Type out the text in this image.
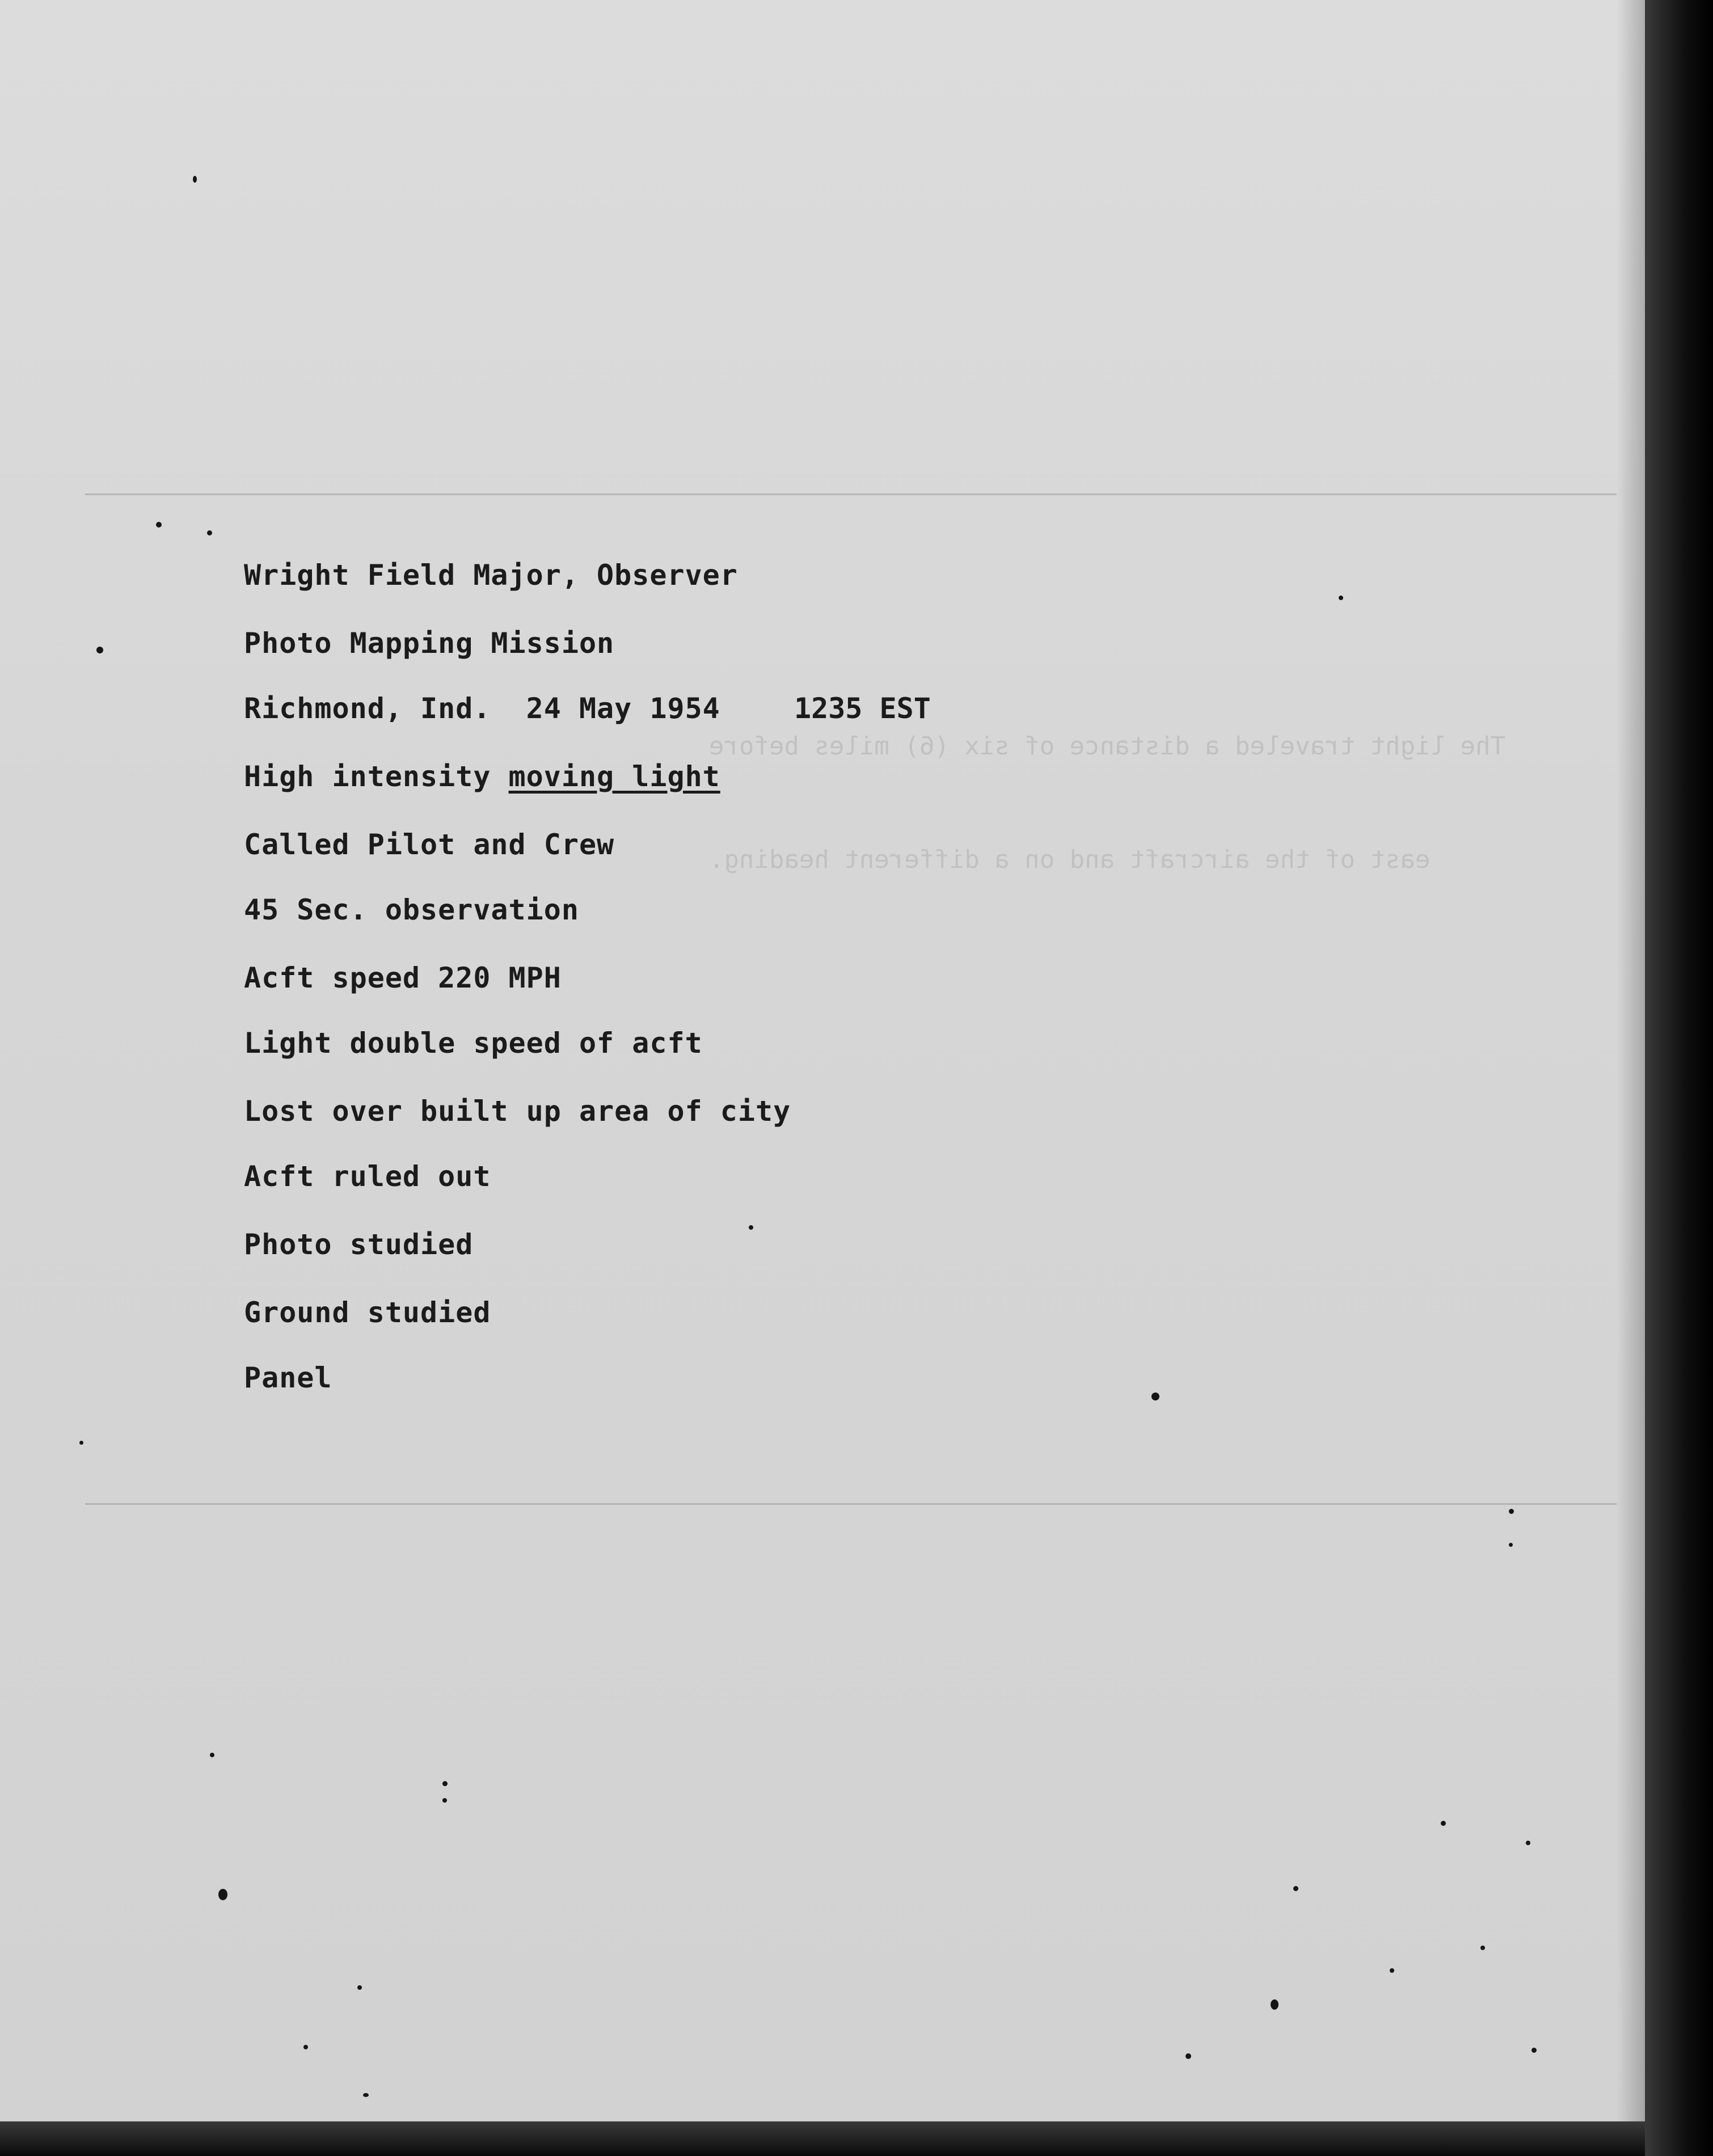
The light traveled a distance of six (6) miles before
east of the aircraft and on a different heading.
Wright Field Major, Observer
Photo Mapping Mission
Richmond, Ind.  24 May 1954	1235 EST
High intensity moving light
Called Pilot and Crew
45 Sec. observation
Acft speed 220 MPH
Light double speed of acft
Lost over built up area of city
Acft ruled out
Photo studied
Ground studied
Panel
